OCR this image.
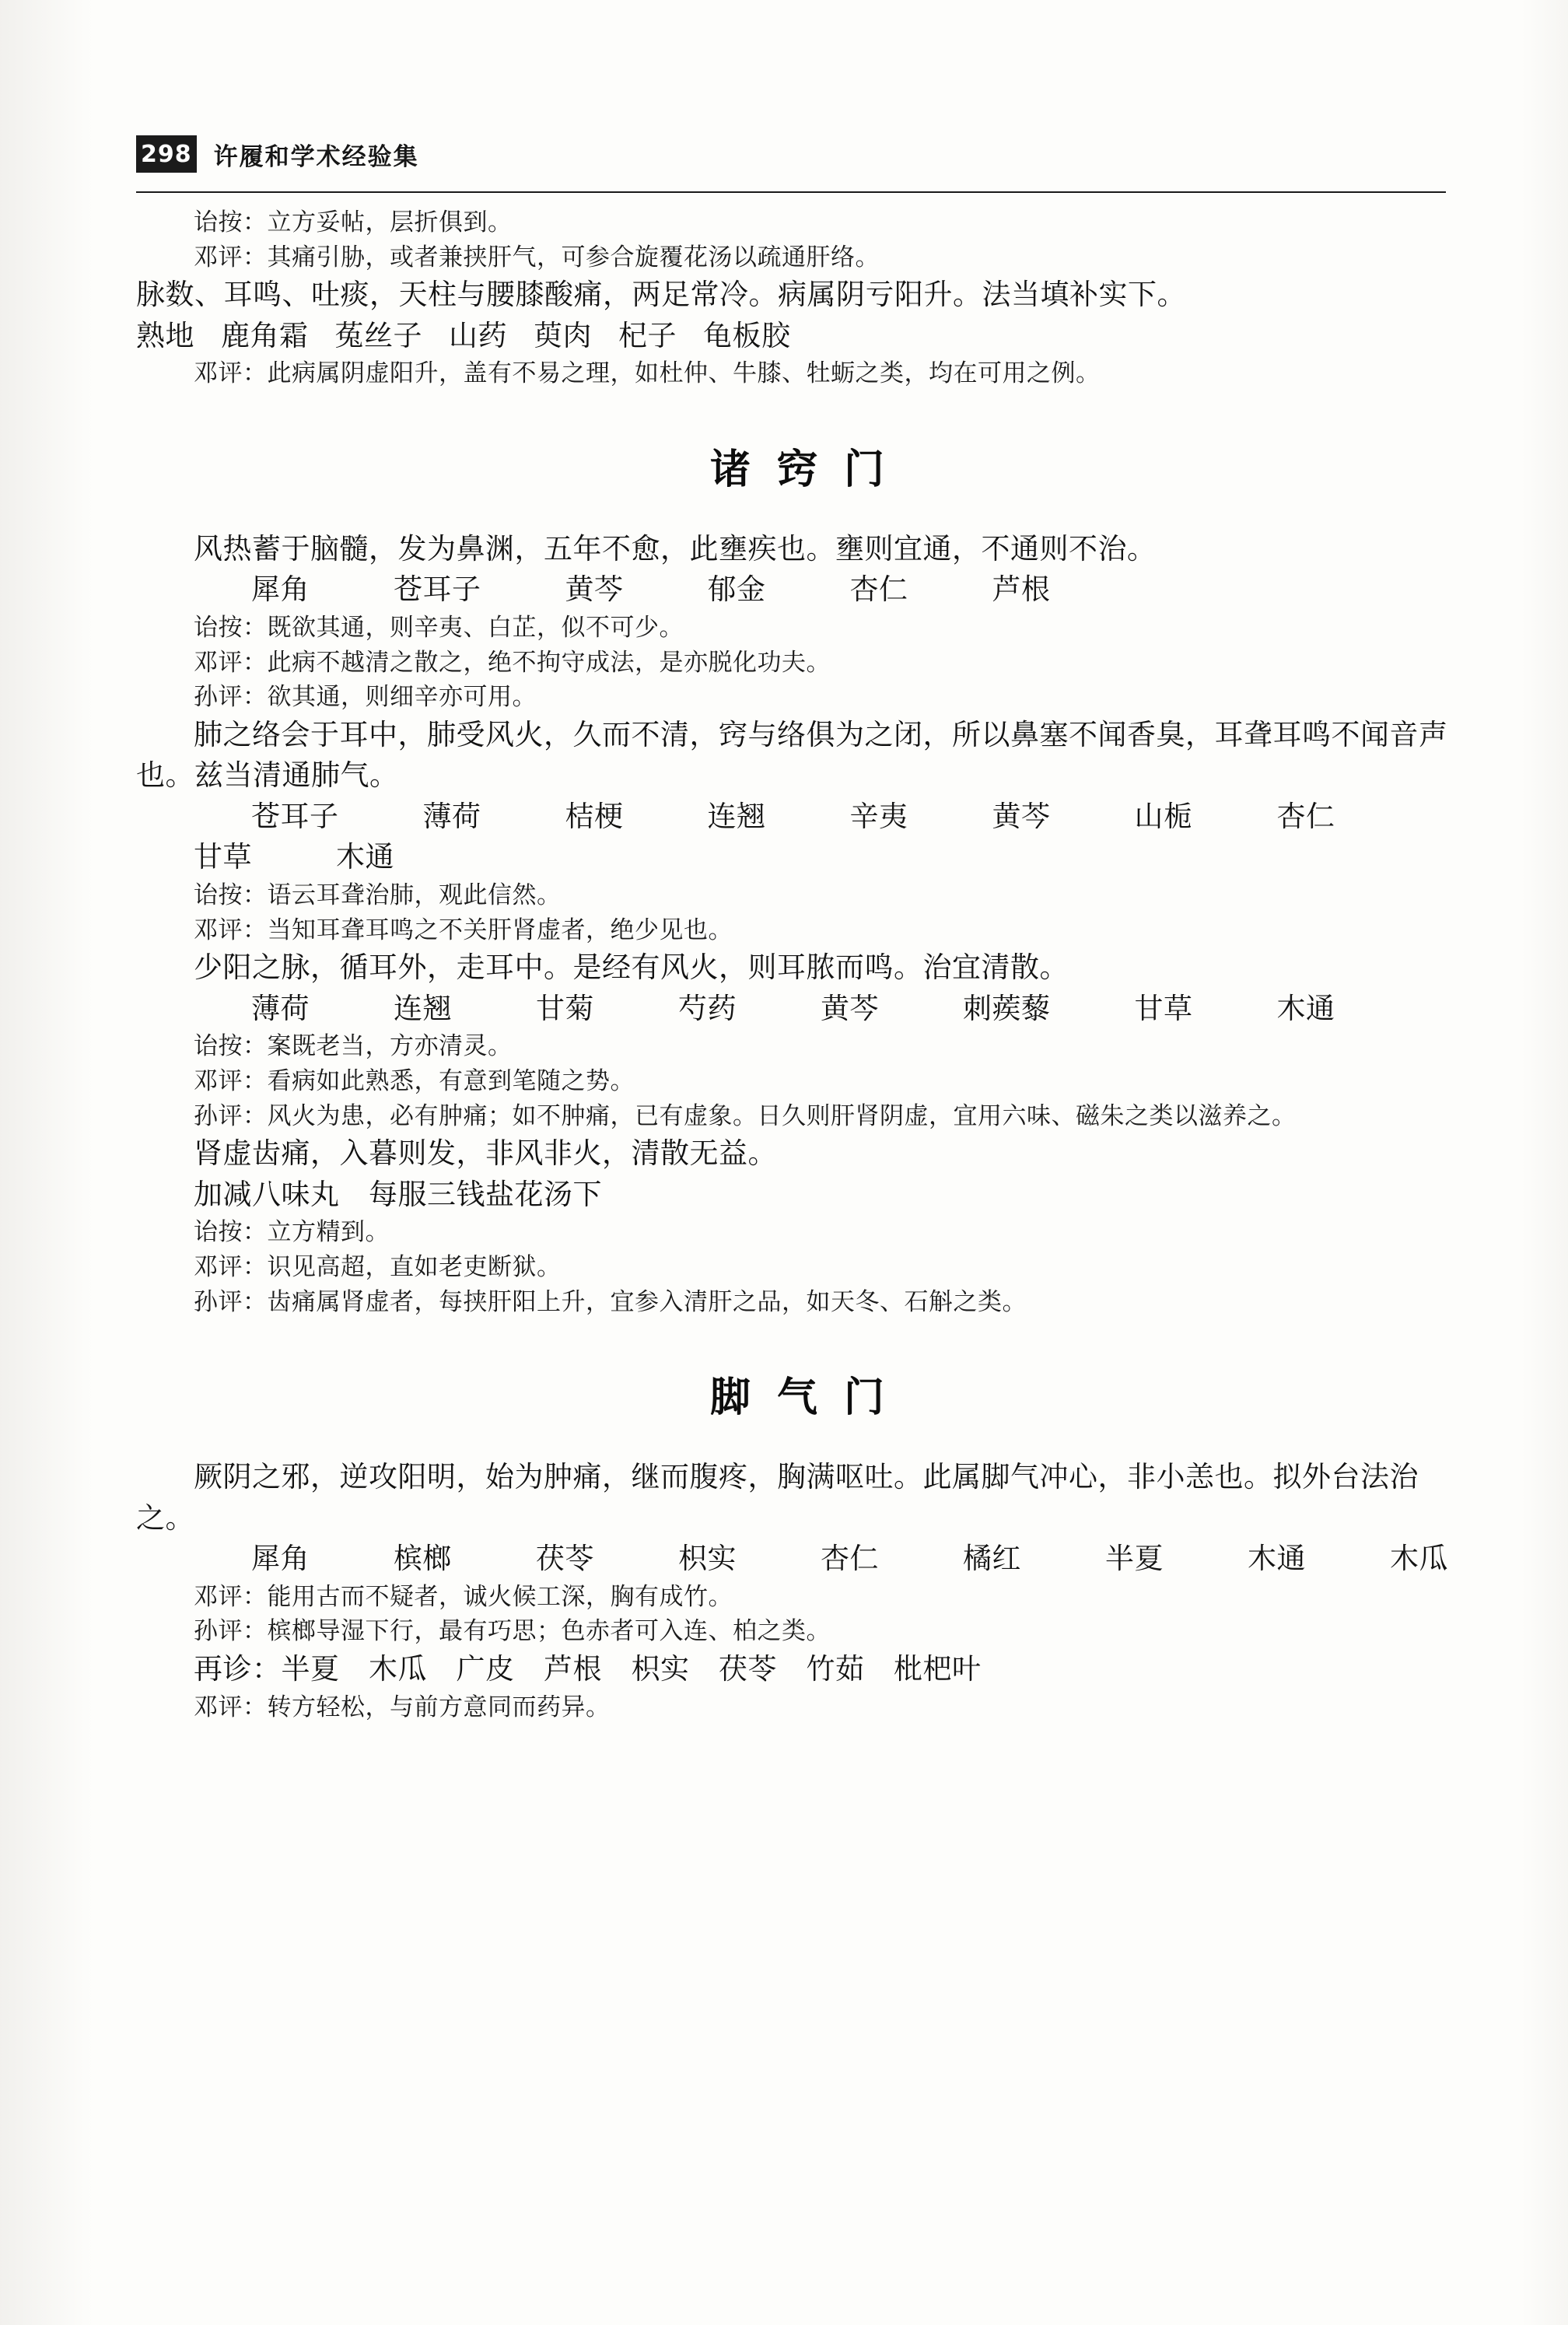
298 许履和学术经验集

诒按：立方妥帖，层折俱到。

邓评：其痛引胁，或者兼挟肝气，可参合旋覆花汤以疏通肝络。

脉数、耳鸣、吐痰，天柱与腰膝酸痛，两足常冷。病属阴亏阳升。法当填补实下。

熟地 鹿角霜 菟丝子 山药 萸肉 杞子 龟板胶

邓评：此病属阴虚阳升，盖有不易之理，如杜仲、牛膝、牡蛎之类，均在可用之例。

诸窍门

风热蓄于脑髓，发为鼻渊，五年不愈，此壅疾也。壅则宜通，不通则不治。

犀角	苍耳子	黄芩	郁金	杏仁	芦根

诒按：既欲其通，则辛夷、白芷，似不可少。

邓评：此病不越清之散之，绝不拘守成法，是亦脱化功夫。

孙评：欲其通，则细辛亦可用。

肺之络会于耳中，肺受风火，久而不清，窍与络俱为之闭，所以鼻塞不闻香臭，耳聋耳鸣不闻音声也。兹当清通肺气。

苍耳子	薄荷	桔梗	连翘	辛夷	黄芩	山栀	杏仁甘草	木通

诒按：语云耳聋治肺，观此信然。

邓评：当知耳聋耳鸣之不关肝肾虚者，绝少见也。

少阳之脉，循耳外，走耳中。是经有风火，则耳脓而鸣。治宜清散。

薄荷	连翘	甘菊	芍药	黄芩	刺蒺藜	甘草	木通

诒按：案既老当，方亦清灵。

邓评：看病如此熟悉，有意到笔随之势。

孙评：风火为患，必有肿痛；如不肿痛，已有虚象。日久则肝肾阴虚，宜用六味、磁朱之类以滋养之。

肾虚齿痛，入暮则发，非风非火，清散无益。

加减八味丸　每服三钱盐花汤下

诒按：立方精到。

邓评：识见高超，直如老吏断狱。

孙评：齿痛属肾虚者，每挟肝阳上升，宜参入清肝之品，如天冬、石斛之类。

脚气门

厥阴之邪，逆攻阳明，始为肿痛，继而腹疼，胸满呕吐。此属脚气冲心，非小恙也。拟外台法治之。

犀角	槟榔	茯苓	枳实	杏仁	橘红	半夏	木通	木瓜

邓评：能用古而不疑者，诚火候工深，胸有成竹。

孙评：槟榔导湿下行，最有巧思；色赤者可入连、柏之类。

再诊：半夏　木瓜　广皮　芦根　枳实　茯苓　竹茹　枇杷叶

邓评：转方轻松，与前方意同而药异。
